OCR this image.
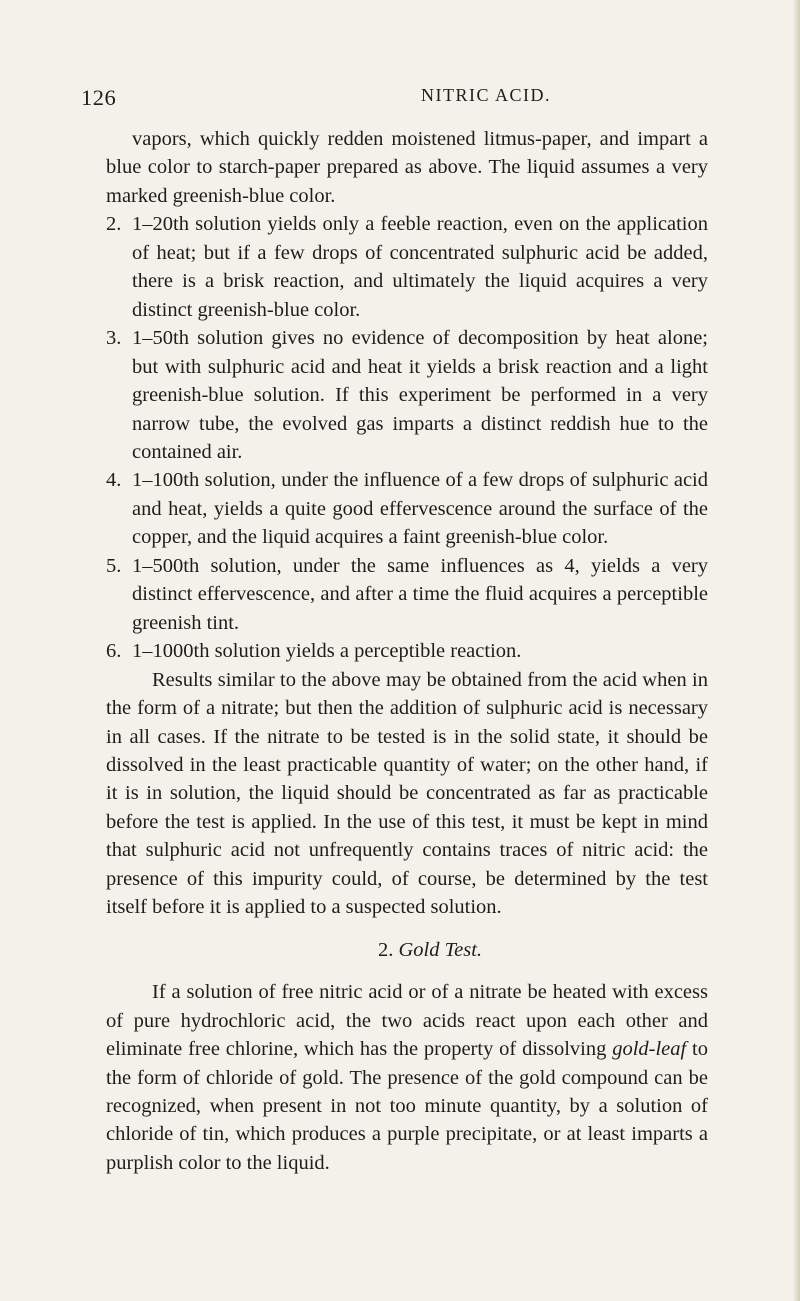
126	NITRIC ACID.

vapors, which quickly redden moistened litmus-paper, and impart a blue color to starch-paper prepared as above. The liquid assumes a very marked greenish-blue color.

2. 1–20th solution yields only a feeble reaction, even on the application of heat; but if a few drops of concentrated sulphuric acid be added, there is a brisk reaction, and ultimately the liquid acquires a very distinct greenish-blue color.

3. 1–50th solution gives no evidence of decomposition by heat alone; but with sulphuric acid and heat it yields a brisk reaction and a light greenish-blue solution. If this experiment be performed in a very narrow tube, the evolved gas imparts a distinct reddish hue to the contained air.

4. 1–100th solution, under the influence of a few drops of sulphuric acid and heat, yields a quite good effervescence around the surface of the copper, and the liquid acquires a faint greenish-blue color.

5. 1–500th solution, under the same influences as 4, yields a very distinct effervescence, and after a time the fluid acquires a perceptible greenish tint.

6. 1–1000th solution yields a perceptible reaction.

Results similar to the above may be obtained from the acid when in the form of a nitrate; but then the addition of sulphuric acid is necessary in all cases. If the nitrate to be tested is in the solid state, it should be dissolved in the least practicable quantity of water; on the other hand, if it is in solution, the liquid should be concentrated as far as practicable before the test is applied. In the use of this test, it must be kept in mind that sulphuric acid not unfrequently contains traces of nitric acid: the presence of this impurity could, of course, be determined by the test itself before it is applied to a suspected solution.

2. Gold Test.

If a solution of free nitric acid or of a nitrate be heated with excess of pure hydrochloric acid, the two acids react upon each other and eliminate free chlorine, which has the property of dissolving gold-leaf to the form of chloride of gold. The presence of the gold compound can be recognized, when present in not too minute quantity, by a solution of chloride of tin, which produces a purple precipitate, or at least imparts a purplish color to the liquid.
